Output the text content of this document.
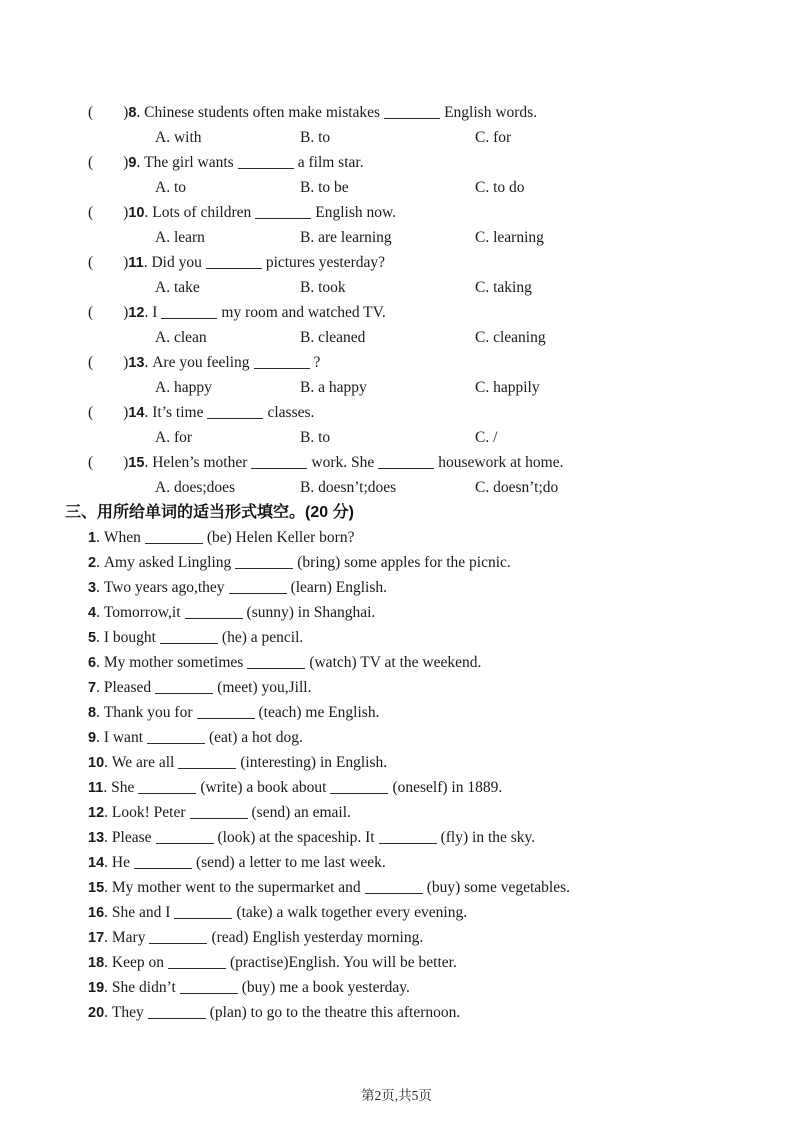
( )8. Chinese students often make mistakes	English words.
A. with	B. to	C. for
( )9. The girl wants	a film star.
A. to	B. to be	C. to do
( )10. Lots of children	English now.
A. learn	B. are learning	C. learning
( )11. Did you	pictures yesterday?
A. take	B. took	C. taking
( )12. I	my room and watched TV.
A. clean	B. cleaned	C. cleaning
( )13. Are you feeling	?
A. happy	B. a happy	C. happily
( )14. It’s time	classes.
A. for	B. to	C. /
( )15. Helen’s mother	work. She	housework at home.
A. does;does	B. doesn’t;does	C. doesn’t;do
三、用所给单词的适当形式填空。(20 分)
1. When	(be) Helen Keller born?
2. Amy asked Lingling	(bring) some apples for the picnic.
3. Two years ago,they	(learn) English.
4. Tomorrow,it	(sunny) in Shanghai.
5. I bought	(he) a pencil.
6. My mother sometimes	(watch) TV at the weekend.
7. Pleased	(meet) you,Jill.
8. Thank you for	(teach) me English.
9. I want	(eat) a hot dog.
10. We are all	(interesting) in English.
11. She	(write) a book about	(oneself) in 1889.
12. Look! Peter	(send) an email.
13. Please	(look) at the spaceship. It	(fly) in the sky.
14. He	(send) a letter to me last week.
15. My mother went to the supermarket and	(buy) some vegetables.
16. She and I	(take) a walk together every evening.
17. Mary	(read) English yesterday morning.
18. Keep on	(practise)English. You will be better.
19. She didn’t	(buy) me a book yesterday.
20. They	(plan) to go to the theatre this afternoon.
第2页,共5页
